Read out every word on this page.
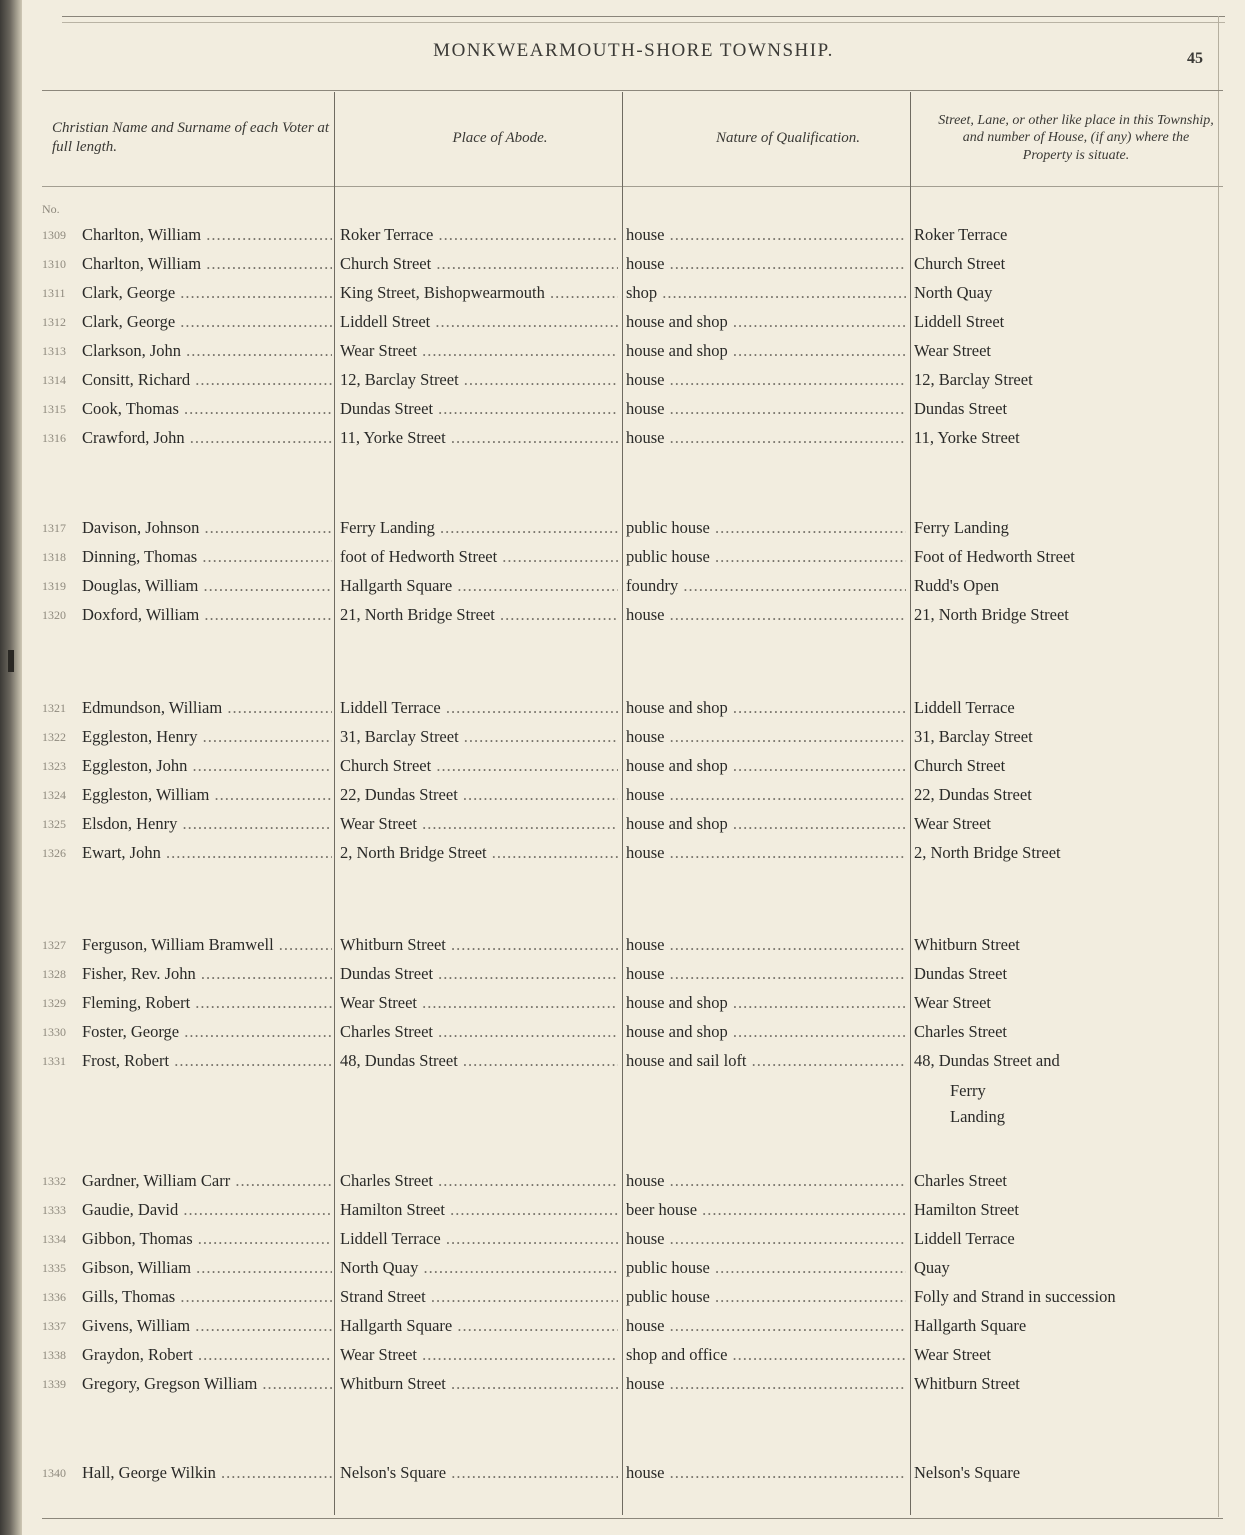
MONKWEARMOUTH-SHORE TOWNSHIP.	45
Christian Name and Surname of each Voter at full length.
Place of Abode.	Nature of Qualification.
Street, Lane, or other like place in this Township, and number of House, (if any) where the Property is situate.
No.
1309 Charlton, William .....	Roker Terrace .....	house .....	Roker Terrace
1310 Charlton, William .....	Church Street .....	house .....	Church Street
1311 Clark, George .....	King Street, Bishopwearmouth .....	shop .....	North Quay
1312 Clark, George .....	Liddell Street .....	house and shop .....	Liddell Street
1313 Clarkson, John .....	Wear Street .....	house and shop .....	Wear Street
1314 Consitt, Richard .....	12, Barclay Street .....	house .....	12, Barclay Street
1315 Cook, Thomas .....	Dundas Street .....	house .....	Dundas Street
1316 Crawford, John .....	11, Yorke Street .....	house .....	11, Yorke Street
1317 Davison, Johnson .....	Ferry Landing .....	public house .....	Ferry Landing
1318 Dinning, Thomas .....	foot of Hedworth Street .....	public house .....	Foot of Hedworth Street
1319 Douglas, William .....	Hallgarth Square .....	foundry .....	Rudd's Open
1320 Doxford, William .....	21, North Bridge Street .....	house .....	21, North Bridge Street
1321 Edmundson, William .....	Liddell Terrace .....	house and shop .....	Liddell Terrace
1322 Eggleston, Henry .....	31, Barclay Street .....	house .....	31, Barclay Street
1323 Eggleston, John .....	Church Street .....	house and shop .....	Church Street
1324 Eggleston, William .....	22, Dundas Street .....	house .....	22, Dundas Street
1325 Elsdon, Henry .....	Wear Street .....	house and shop .....	Wear Street
1326 Ewart, John .....	2, North Bridge Street .....	house .....	2, North Bridge Street
1327 Ferguson, William Bramwell .....	Whitburn Street .....	house .....	Whitburn Street
1328 Fisher, Rev. John .....	Dundas Street .....	house .....	Dundas Street
1329 Fleming, Robert .....	Wear Street .....	house and shop .....	Wear Street
1330 Foster, George .....	Charles Street .....	house and shop .....	Charles Street
1331 Frost, Robert .....	48, Dundas Street .....	house and sail loft .....	48, Dundas Street and
Ferry Landing
1332 Gardner, William Carr .....	Charles Street .....	house .....	Charles Street
1333 Gaudie, David .....	Hamilton Street .....	beer house .....	Hamilton Street
1334 Gibbon, Thomas .....	Liddell Terrace .....	house .....	Liddell Terrace
1335 Gibson, William .....	North Quay .....	public house .....	Quay
1336 Gills, Thomas .....	Strand Street .....	public house .....	Folly and Strand in succession
1337 Givens, William .....	Hallgarth Square .....	house .....	Hallgarth Square
1338 Graydon, Robert .....	Wear Street .....	shop and office .....	Wear Street
1339 Gregory, Gregson William .....	Whitburn Street .....	house .....	Whitburn Street
1340 Hall, George Wilkin .....	Nelson's Square .....	house .....	Nelson's Square
